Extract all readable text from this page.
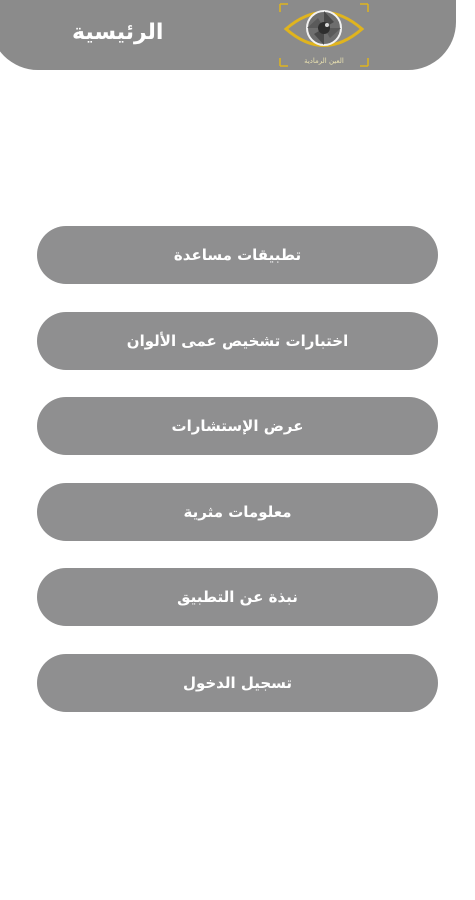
الرئيسية
العين الرمادية
تطبيقات مساعدة
اختبارات تشخيص عمى الألوان
عرض الإستشارات
معلومات مثرية
نبذة عن التطبيق
تسجيل الدخول
